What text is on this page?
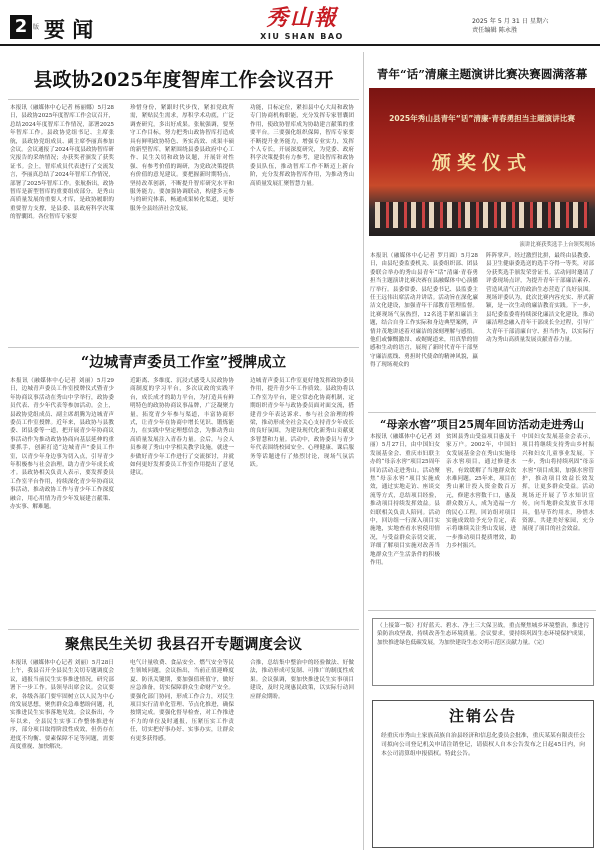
2 版 要 闻	秀山報
XIU SHAN BAO
2025 年 5 月 31 日 星期六
责任编辑 陈永胜
县政协2025年度智库工作会议召开
本报讯（融媒体中心记者 杨丽娜）5月28日，县政协2025年度智库工作会议召开，总结2024年度智库工作情况，部署2025年智库工作。县政协党组书记、主席张航，县政协党组成员、副主席李丽真参加会议。会议通报了2024年度县政协智库研究报告的采纳情况；办获奖者颁发了获奖证书。会上，智库成员代表进行了交流发言，李丽真总结了2024年智库工作情况，部署了2025年智库工作。张航指出，政协智库是新型智库的重要组成部分，是秀山高质量发展的重要人才库，是政协履职的重要智力支撑，是县委、县政府科学决策的智囊团。各位智库专家要
珍惜身份，紧跟时代步伐，紧扣党政所需，紧贴民生需求，厚积学术功底，广泛调查研究，多出好成果。张航强调，要坚守工作目标，努力把秀山政协智库打造成具有鲜明政协特色、务实高效、成果丰硕的新型智库，紧紧围绕县委县政府中心工作、民生关切和政协议题，开展针对性强、有参考价值的调研，为党政决策提供有价值的意见建议。要把握新时期特点，坚持改革创新，不断提升智库研究水平和服务能力。要加强协调联动，构建多元参与的研究体系，畅通成果转化渠道，更好服务全县经济社会发展。
功能，目标定位，紧扣县中心大局和政协专门协商机构职能，充分发挥专家智囊团作用，使政协智库成为协助建言献策的重要平台。三要强化组织保障，智库专家要不断提升业务能力，增强专业实力，发挥个人专长，开展深度研究，为党委、政府科学决策提供有力参考，建设智库和政协委员队伍，推动智库工作不断迈上新台阶，充分发挥政协智库作用，为推动秀山高质量发展汇聚智慧力量。
“边城青声委员工作室”授牌成立
本报讯（融媒体中心记者 刘丽）5月29日，边城青声委员工作室授牌仪式暨青少年协商议事活动在秀山中学举行，政协委员代表、青少年代表等参加活动。会上，县政协党组成员、副主席胡腾为边城青声委员工作室授牌。近年来，县政协与县教委、团县委等一道，把开展青少年协商议事活动作为推动政协协商向基层延伸的重要抓手，创新打造“边城青声”委员工作室，以青少年身边事为切入点，引导青少年积极参与社会治理，助力青少年成长成才。县政协相关负责人表示，要发挥委员工作室平台作用，持续深化青少年协商议事活动，推动政协工作与青少年工作深度融合，用心用情为青少年发展建言献策、办实事、解难题。
近距离、多维度、沉浸式感受人民政协协商制度的学习平台，多次议政的实践平台，成长成才的助力平台，为打造具有鲜明特色的政协协商议事品牌，广泛凝聚力量，拓宽青少年参与渠道，丰富协商形式，让青少年在协商中增长见识、锻炼能力，在实践中坚定理想信念，为推动秀山高质量发展注入青春力量。会后，与会人员参观了秀山中学相关教学设施，就进一步做好青少年工作进行了交流探讨，并就如何更好发挥委员工作室作用提出了意见建议。
边城青声委员工作室更好地发挥政协委员作用，提升青少年工作质效。县政协将以工作室为平台，建立常态化协商机制，定期组织青少年与政协委员面对面交流，搭建青少年表达诉求、参与社会治理的桥梁，推动形成全社会关心支持青少年成长的良好氛围，为建设现代化新秀山贡献更多智慧和力量。活动中，政协委员与青少年代表围绕校园安全、心理健康、课后服务等话题进行了热烈讨论，现场气氛活跃。
聚焦民生关切 我县召开专题调度会议
本报讯（融媒体中心记者 刘丽）5月28日上午，我县召开全县民生关切专题调度会议，通报当前民生实事推进情况，研究部署下一步工作。县领导出席会议。会议要求，各级各部门要牢固树立以人民为中心的发展思想，聚焦群众急难愁盼问题，扎实推进民生实事落地见效。会议指出，今年以来，全县民生实事工作整体推进有序，部分项目取得阶段性成效，但仍存在进度不均衡、要素保障不足等问题，需要高度重视、加快解决。
电气计量收费、食品安全、燃气安全等民生领域问题，会议指出，当前正值迎峰度夏、防汛关键期，要加强值班值守，做好应急准备，切实保障群众生命财产安全。要强化部门协同，形成工作合力，对民生项目实行清单化管理、节点化推进，确保按期完成。要强化督导检查，对工作推进不力的单位及时通报，压紧压实工作责任，切实把好事办好、实事办实，让群众有更多获得感。
合推，总结集中整治中的经验做法、好做法，推动形成可复制、可推广的制度性成果。会议强调，要加快推进民生实事项目建设，及时兑现惠民政策，以实际行动回应群众期盼。
青年“话”清廉主题演讲比赛决赛圆满落幕
2025年秀山县青年“话”清廉·青春勇担当主题演讲比赛
颁奖仪式
演讲比赛获奖选手上台领奖现场
本报讯（融媒体中心记者 罗月圆）5月28日，由县纪委监委机关、县委组织部、团县委联合举办的秀山县青年“话”清廉·青春勇担当主题演讲比赛决赛在县融媒体中心演播厅举行。县委常委、县纪委书记、县监委主任王远伟出席活动并讲话。活动旨在深化廉洁文化建设，加强青年干部教育管理监督。比赛现场气氛热烈，12名选手紧扣廉洁主题，结合自身工作实际和身边典型案例，声情并茂地讲述着对廉洁的深刻理解与感悟。他们或慷慨激昂、或娓娓道来，用真挚的情感和生动的语言，展现了新时代青年干部坚守廉洁底线、勇担时代使命的精神风貌，赢得了现场观众的
阵阵掌声。经过激烈比拼，最终由县教委、县卫生健康委选送的选手夺得一等奖，对部分获奖选手颁发荣誉证书。活动同时邀请了评委现场点评，为提升青年干部廉洁素养、营造风清气正的政治生态营造了良好氛围。现场评委认为，此次比赛内容充实、形式新颖，是一次生动的廉洁教育实践。下一步，县纪委监委将持续深化廉洁文化建设，推动廉洁理念融入青年干部成长全过程，引导广大青年干部清廉自守、担当作为，以实际行动为秀山高质量发展贡献青春力量。
“母亲水窖”项目25周年回访活动走进秀山
本报讯（融媒体中心记者 刘丽）5月27日，由中国妇女发展基金会、重庆市妇联主办的“母亲水窖”项目25周年回访活动走进秀山。活动聚焦“母亲水窖”项目实施成效，通过实地走访、座谈交流等方式，总结项目经验，推动项目持续发挥效益。县妇联相关负责人陪同。活动中，回访组一行深入项目实施地，实地查看水窖使用情况，与受益群众亲切交流，详细了解项目实施对改善当地群众生产生活条件的积极作用。
贫困县秀山受益项目惠及千家万户。2002年，中国妇女发展基金会在秀山实施母亲水窖项目，通过修建水窖，有效缓解了当地群众饮水难问题。25年来，项目在秀山累计投入资金数百万元，修建水窖数千口，惠及群众数万人，成为造福一方的民心工程。回访组对项目实施成效给予充分肯定，表示将继续关注秀山发展，进一步推动项目提质增效，助力乡村振兴。
中国妇女发展基金会表示，项目将继续支持秀山乡村振兴和妇女儿童事业发展。下一步，秀山将持续巩固“母亲水窖”项目成果，加强水窖管护，推动项目效益长效发挥，让更多群众受益。活动现场还开展了节水知识宣传，向当地群众发放节水用具，倡导节约用水，珍惜水资源，共建美好家园，充分展现了项目的社会效益。
（上接第一版）打好蓝天、碧水、净土三大保卫战，重点聚焦城乡环境整治，推进污染防治攻坚战，持续改善生态环境质量。会议要求，要持续巩固生态环境保护成果，加快推进绿色低碳发展，为加快建设生态文明示范区贡献力量。（完）
注销公告
经重庆市秀山土家族苗族自治县经济和信息化委员会批准，重庆某某有限责任公司拟向公司登记机关申请注销登记，请债权人自本公告发布之日起45日内，向本公司清算组申报债权。特此公告。
